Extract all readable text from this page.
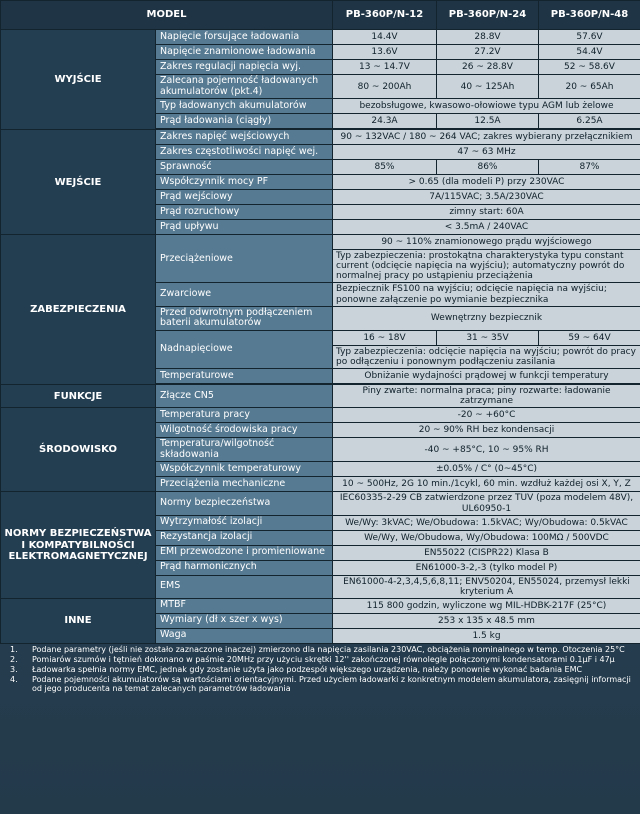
MODEL		PB-360P/N-12	PB-360P/N-24	PB-360P/N-48
WYJŚCIE	Napięcie forsujące ładowania	14.4V	28.8V	57.6V
	Napięcie znamionowe ładowania	13.6V	27.2V	54.4V
	Zakres regulacji napięcia wyj.	13 ~ 14.7V	26 ~ 28.8V	52 ~ 58.6V
	Zalecana pojemność ładowanych akumulatorów (pkt.4)	80 ~ 200Ah	40 ~ 125Ah	20 ~ 65Ah
	Typ ładowanych akumulatorów	bezobsługowe, kwasowo-ołowiowe typu AGM lub żelowe		
	Prąd ładowania (ciągły)	24.3A	12.5A	6.25A

WEJŚCIE	Zakres napięć wejściowych	90 ~ 132VAC / 180 ~ 264 VAC; zakres wybierany przełącznikiem		
	Zakres częstotliwości napięć wej.	47 ~ 63 MHz		
	Sprawność	85%	86%	87%
	Współczynnik mocy PF	> 0.65 (dla modeli P) przy 230VAC		
	Prąd wejściowy	7A/115VAC; 3.5A/230VAC		
	Prąd rozruchowy	zimny start: 60A		
	Prąd upływu	< 3.5mA / 240VAC		
ZABEZPIECZENIA	Przeciążeniowe	90 ~ 110% znamionowego prądu wyjściowego		
		Typ zabezpieczenia: prostokątna charakterystyka typu constant current (odcięcie napięcia na wyjściu); automatyczny powrót do normalnej pracy po ustąpieniu przeciążenia		
	Zwarciowe	Bezpiecznik FS100 na wyjściu; odcięcie napięcia na wyjściu; ponowne załączenie po wymianie bezpiecznika		
	Przed odwrotnym podłączeniem baterii akumulatorów	Wewnętrzny bezpiecznik		
	Nadnapięciowe	16 ~ 18V	31 ~ 35V	59 ~ 64V
		Typ zabezpieczenia: odcięcie napięcia na wyjściu; powrót do pracy po odłączeniu i ponownym podłączeniu zasilania		
	Temperaturowe	Obniżanie wydajności prądowej w funkcji temperatury		

FUNKCJE	Złącze CN5	Piny zwarte: normalna praca; piny rozwarte: ładowanie zatrzymane		
ŚRODOWISKO	Temperatura pracy	-20 ~ +60°C		
	Wilgotność środowiska pracy	20 ~ 90% RH bez kondensacji		
	Temperatura/wilgotność składowania	-40 ~ +85°C, 10 ~ 95% RH		
	Współczynnik temperaturowy	±0.05% / C° (0~45°C)		
	Przeciążenia mechaniczne	10 ~ 500Hz, 2G 10 min./1cykl, 60 min. wzdłuż każdej osi X, Y, Z		
NORMY BEZPIECZEŃSTWA I KOMPATYBILNOŚCI ELEKTROMAGNETYCZNEJ	Normy bezpieczeństwa	IEC60335-2-29 CB zatwierdzone przez TUV (poza modelem 48V), UL60950-1		
	Wytrzymałość izolacji	We/Wy: 3kVAC; We/Obudowa: 1.5kVAC; Wy/Obudowa: 0.5kVAC		
	Rezystancja izolacji	We/Wy, We/Obudowa, Wy/Obudowa: 100MΩ / 500VDC		
	EMI przewodzone i promieniowane	EN55022 (CISPR22) Klasa B		
	Prąd harmonicznych	EN61000-3-2,-3 (tylko model P)		
	EMS	EN61000-4-2,3,4,5,6,8,11; ENV50204, EN55024, przemysł lekki kryterium A		
INNE	MTBF	115 800 godzin, wyliczone wg MIL-HDBK-217F (25°C)		
	Wymiary (dł x szer x wys)	253 x 135 x 48.5 mm		
	Waga	1.5 kg		
1.	Podane parametry (jeśli nie zostało zaznaczone inaczej) zmierzono dla napięcia zasilania 230VAC, obciążenia nominalnego w temp. Otoczenia 25°C
2.	Pomiarów szumów i tętnień dokonano w paśmie 20MHz przy użyciu skrętki 12'' zakończonej równolegle połączonymi kondensatorami 0.1µF i 47µ
3.	Ładowarka spełnia normy EMC, jednak gdy zostanie użyta jako podzespół większego urządzenia, należy ponownie wykonać badania EMC
4.	Podane pojemności akumulatorów są wartościami orientacyjnymi. Przed użyciem ładowarki z konkretnym modelem akumulatora, zasięgnij informacji od jego producenta na temat zalecanych parametrów ładowania
